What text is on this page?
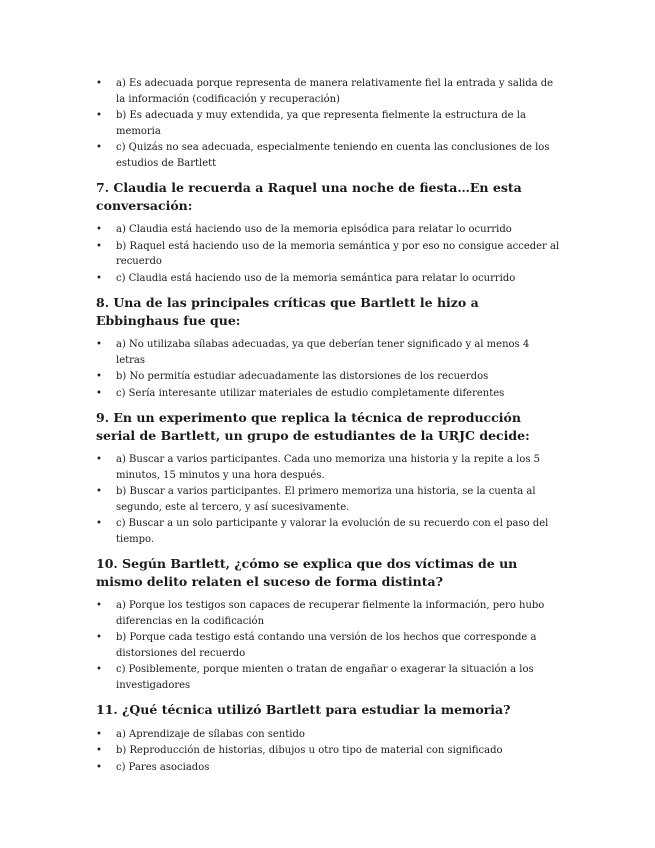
• a) Es adecuada porque representa de manera relativamente fiel la entrada y salida de la información (codificación y recuperación)
• b) Es adecuada y muy extendida, ya que representa fielmente la estructura de la memoria
• c) Quizás no sea adecuada, especialmente teniendo en cuenta las conclusiones de los estudios de Bartlett
7. Claudia le recuerda a Raquel una noche de fiesta…En esta conversación:
• a) Claudia está haciendo uso de la memoria episódica para relatar lo ocurrido
• b) Raquel está haciendo uso de la memoria semántica y por eso no consigue acceder al recuerdo
• c) Claudia está haciendo uso de la memoria semántica para relatar lo ocurrido
8. Una de las principales críticas que Bartlett le hizo a Ebbinghaus fue que:
• a) No utilizaba sílabas adecuadas, ya que deberían tener significado y al menos 4 letras
• b) No permitía estudiar adecuadamente las distorsiones de los recuerdos
• c) Sería interesante utilizar materiales de estudio completamente diferentes
9. En un experimento que replica la técnica de reproducción serial de Bartlett, un grupo de estudiantes de la URJC decide:
• a) Buscar a varios participantes. Cada uno memoriza una historia y la repite a los 5 minutos, 15 minutos y una hora después.
• b) Buscar a varios participantes. El primero memoriza una historia, se la cuenta al segundo, este al tercero, y así sucesivamente.
• c) Buscar a un solo participante y valorar la evolución de su recuerdo con el paso del tiempo.
10. Según Bartlett, ¿cómo se explica que dos víctimas de un mismo delito relaten el suceso de forma distinta?
• a) Porque los testigos son capaces de recuperar fielmente la información, pero hubo diferencias en la codificación
• b) Porque cada testigo está contando una versión de los hechos que corresponde a distorsiones del recuerdo
• c) Posiblemente, porque mienten o tratan de engañar o exagerar la situación a los investigadores
11. ¿Qué técnica utilizó Bartlett para estudiar la memoria?
• a) Aprendizaje de sílabas con sentido
• b) Reproducción de historias, dibujos u otro tipo de material con significado
• c) Pares asociados
